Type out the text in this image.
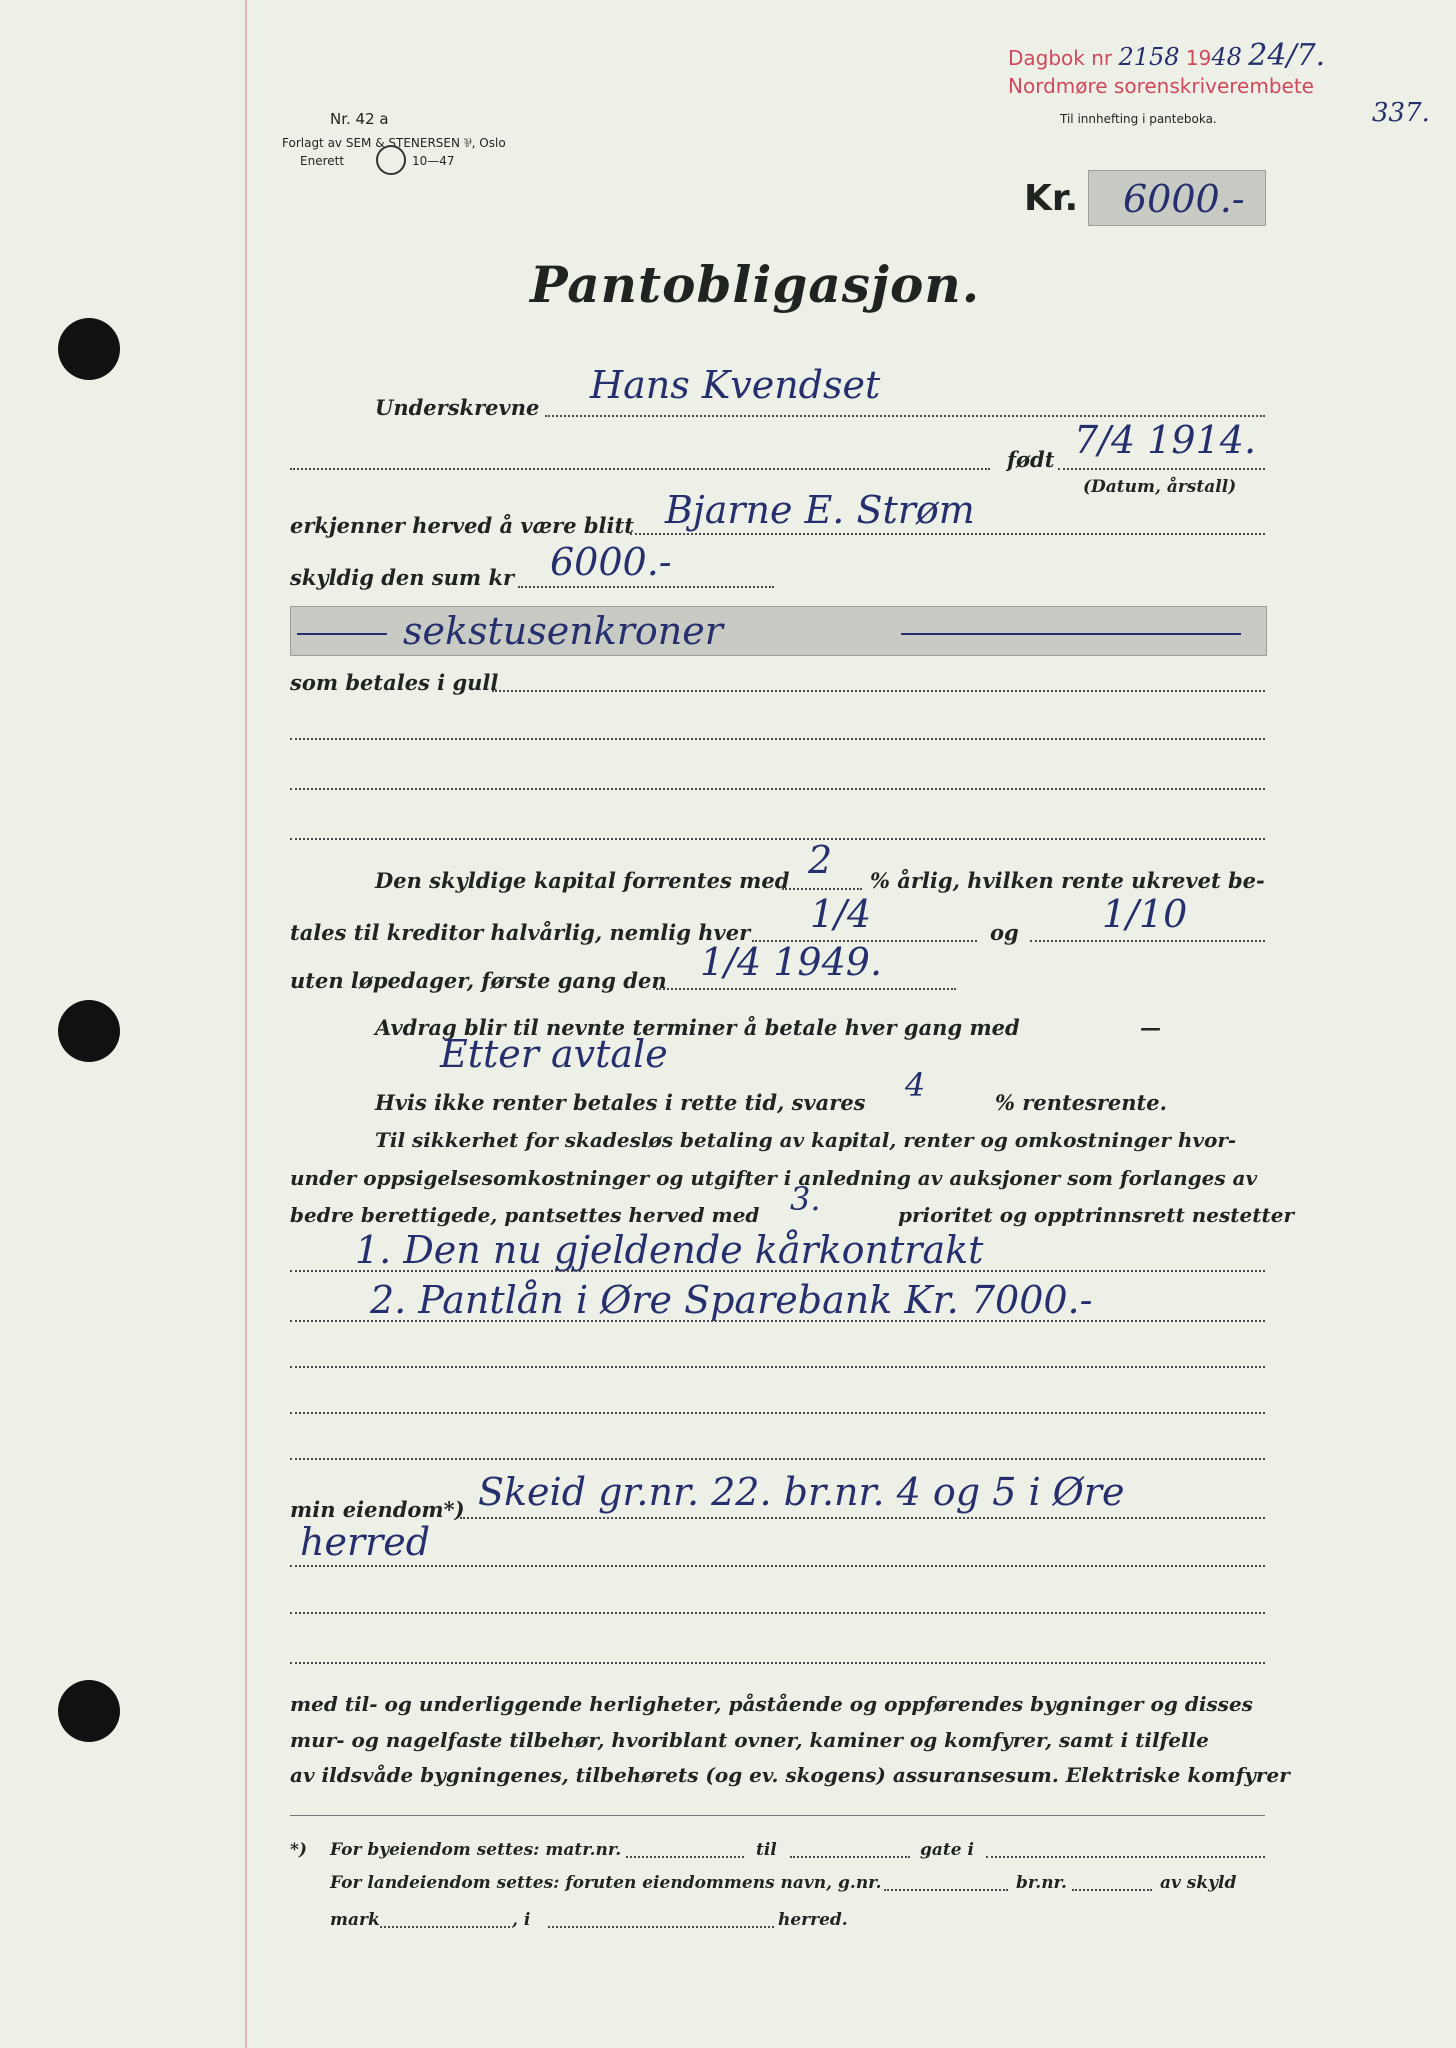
Dagbok nr 2158 1948 24/7.
Nordmøre sorenskriverembete
337.
Til innhefting i panteboka.
Nr. 42 a
Forlagt av SEM & STENERSEN ⅌, Oslo
Enerett	10—47
Kr. 6000.-
Pantobligasjon.
Underskrevne
Hans Kvendset
født 7/4 1914.
(Datum, årstall)
erkjenner herved å være blitt Bjarne E. Strøm
skyldig den sum kr 6000.-
sekstusenkroner
som betales i gull
Den skyldige kapital forrentes med 2 % årlig, hvilken rente ukrevet be-
tales til kreditor halvårlig, nemlig hver 1/4	og 1/10
uten løpedager, første gang den 1/4 1949.
Avdrag blir til nevnte terminer å betale hver gang med	—
Etter avtale
Hvis ikke renter betales i rette tid, svares 4	% rentesrente.
Til sikkerhet for skadesløs betaling av kapital, renter og omkostninger hvor-
under oppsigelsesomkostninger og utgifter i anledning av auksjoner som forlanges av
bedre berettigede, pantsettes herved med 3.	prioritet og opptrinnsrett nestetter
1. Den nu gjeldende kårkontrakt
2. Pantlån i Øre Sparebank Kr. 7000.-
min eiendom*) Skeid gr.nr. 22. br.nr. 4 og 5 i Øre
herred
med til- og underliggende herligheter, påstående og oppførendes bygninger og disses
mur- og nagelfaste tilbehør, hvoriblant ovner, kaminer og komfyrer, samt i tilfelle
av ildsvåde bygningenes, tilbehørets (og ev. skogens) assuransesum. Elektriske komfyrer
*) For byeiendom settes: matr.nr.	til	gate i
For landeiendom settes: foruten eiendommens navn, g.nr.	br.nr.	av skyld
mark	, i	herred.
